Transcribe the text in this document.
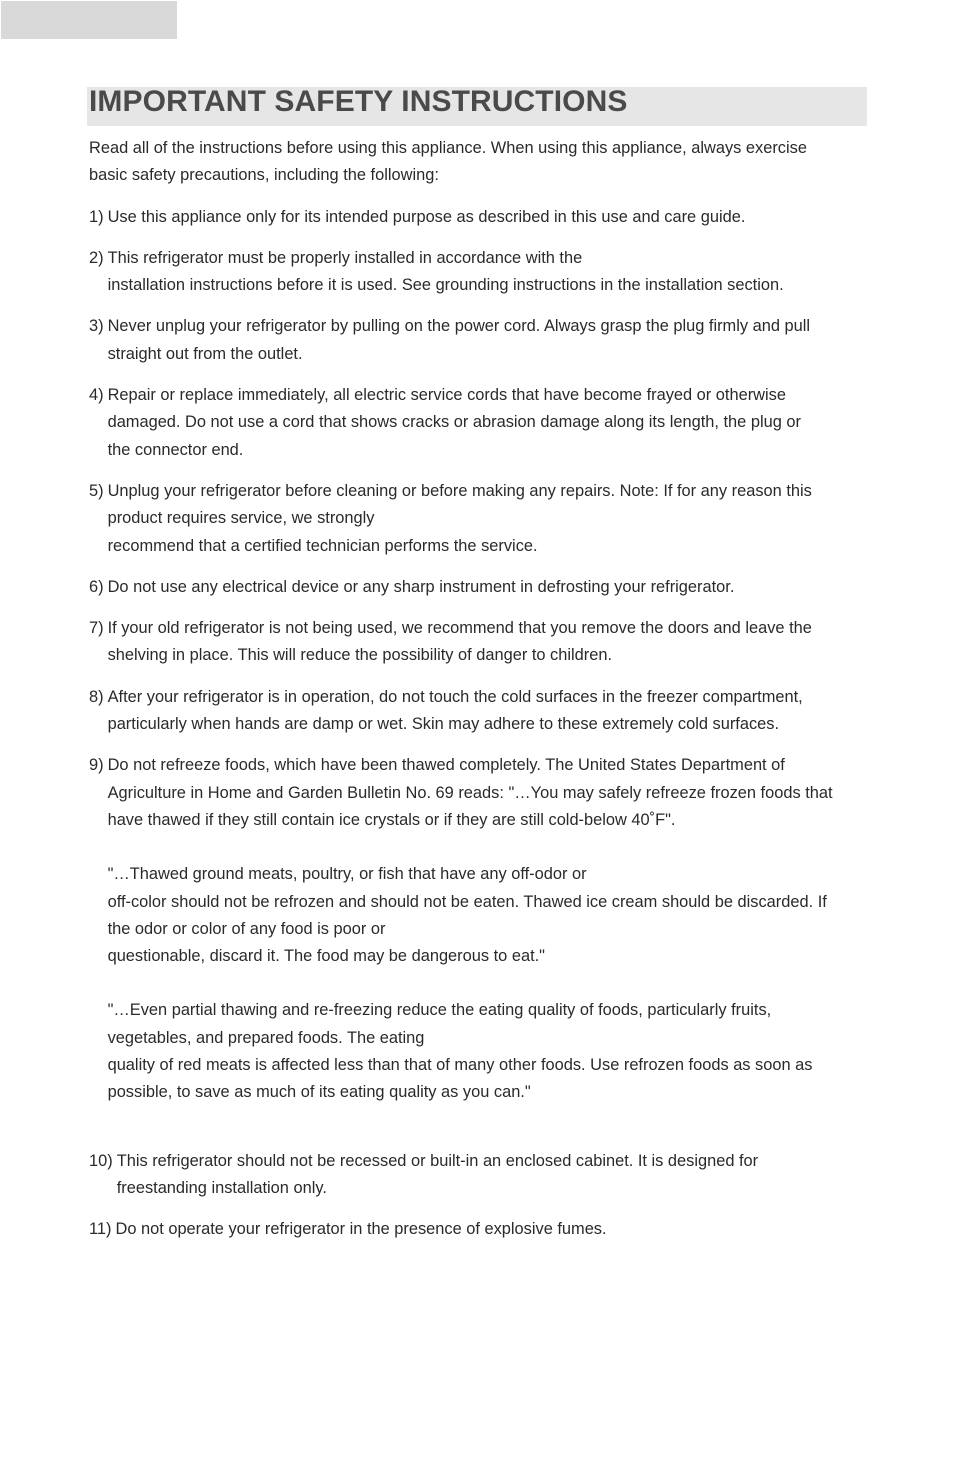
IMPORTANT SAFETY INSTRUCTIONS

Read all of the instructions before using this appliance. When using this appliance, always exercise
basic safety precautions, including the following:

1) Use this appliance only for its intended purpose as described in this use and care guide.
2) This refrigerator must be properly installed in accordance with the
installation instructions before it is used. See grounding instructions in the installation section.
3) Never unplug your refrigerator by pulling on the power cord. Always grasp the plug firmly and pull
straight out from the outlet.
4) Repair or replace immediately, all electric service cords that have become frayed or otherwise
damaged. Do not use a cord that shows cracks or abrasion damage along its length, the plug or
the connector end.
5) Unplug your refrigerator before cleaning or before making any repairs. Note: If for any reason this
product requires service, we strongly
recommend that a certified technician performs the service.
6) Do not use any electrical device or any sharp instrument in defrosting your refrigerator.
7) If your old refrigerator is not being used, we recommend that you remove the doors and leave the
shelving in place. This will reduce the possibility of danger to children.
8) After your refrigerator is in operation, do not touch the cold surfaces in the freezer compartment,
particularly when hands are damp or wet. Skin may adhere to these extremely cold surfaces.
9) Do not refreeze foods, which have been thawed completely. The United States Department of
Agriculture in Home and Garden Bulletin No. 69 reads: "…You may safely refreeze frozen foods that
have thawed if they still contain ice crystals or if they are still cold-below 40˚F".
"…Thawed ground meats, poultry, or fish that have any off-odor or
off-color should not be refrozen and should not be eaten. Thawed ice cream should be discarded. If
the odor or color of any food is poor or
questionable, discard it. The food may be dangerous to eat."
"…Even partial thawing and re-freezing reduce the eating quality of foods, particularly fruits,
vegetables, and prepared foods. The eating
quality of red meats is affected less than that of many other foods. Use refrozen foods as soon as
possible, to save as much of its eating quality as you can."
10) This refrigerator should not be recessed or built-in an enclosed cabinet. It is designed for
freestanding installation only.
11) Do not operate your refrigerator in the presence of explosive fumes.
